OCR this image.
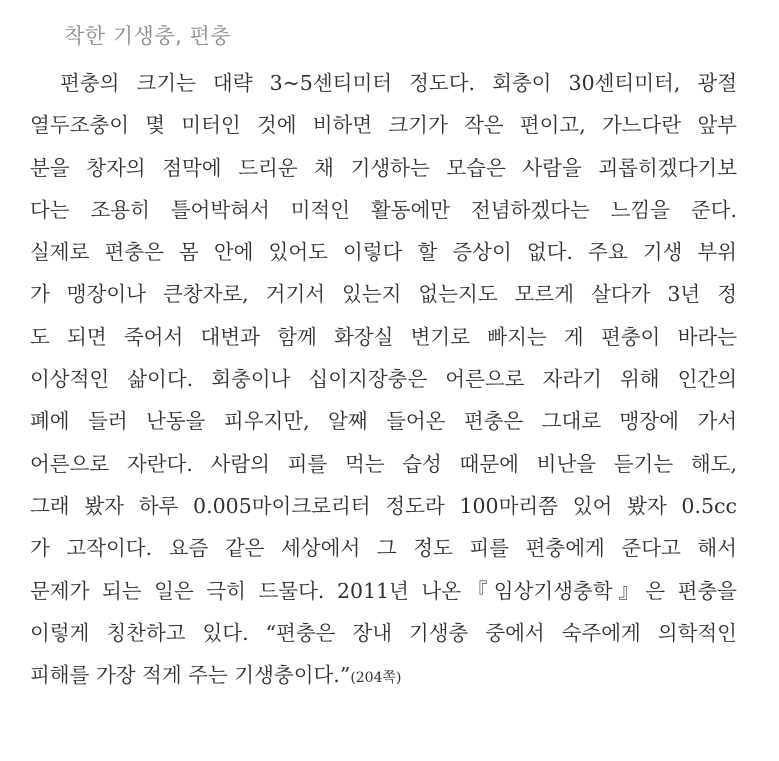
착한 기생충, 편충
편충의 크기는 대략 3~5센티미터 정도다. 회충이 30센티미터, 광절
열두조충이 몇 미터인 것에 비하면 크기가 작은 편이고, 가느다란 앞부
분을 창자의 점막에 드리운 채 기생하는 모습은 사람을 괴롭히겠다기보
다는 조용히 틀어박혀서 미적인 활동에만 전념하겠다는 느낌을 준다.
실제로 편충은 몸 안에 있어도 이렇다 할 증상이 없다. 주요 기생 부위
가 맹장이나 큰창자로, 거기서 있는지 없는지도 모르게 살다가 3년 정
도 되면 죽어서 대변과 함께 화장실 변기로 빠지는 게 편충이 바라는
이상적인 삶이다. 회충이나 십이지장충은 어른으로 자라기 위해 인간의
폐에 들러 난동을 피우지만, 알째 들어온 편충은 그대로 맹장에 가서
어른으로 자란다. 사람의 피를 먹는 습성 때문에 비난을 듣기는 해도,
그래 봤자 하루 0.005마이크로리터 정도라 100마리쯤 있어 봤자 0.5cc
가 고작이다. 요즘 같은 세상에서 그 정도 피를 편충에게 준다고 해서
문제가 되는 일은 극히 드물다. 2011년 나온『임상기생충학』은 편충을
이렇게 칭찬하고 있다. “편충은 장내 기생충 중에서 숙주에게 의학적인
피해를 가장 적게 주는 기생충이다.”(204쪽)
